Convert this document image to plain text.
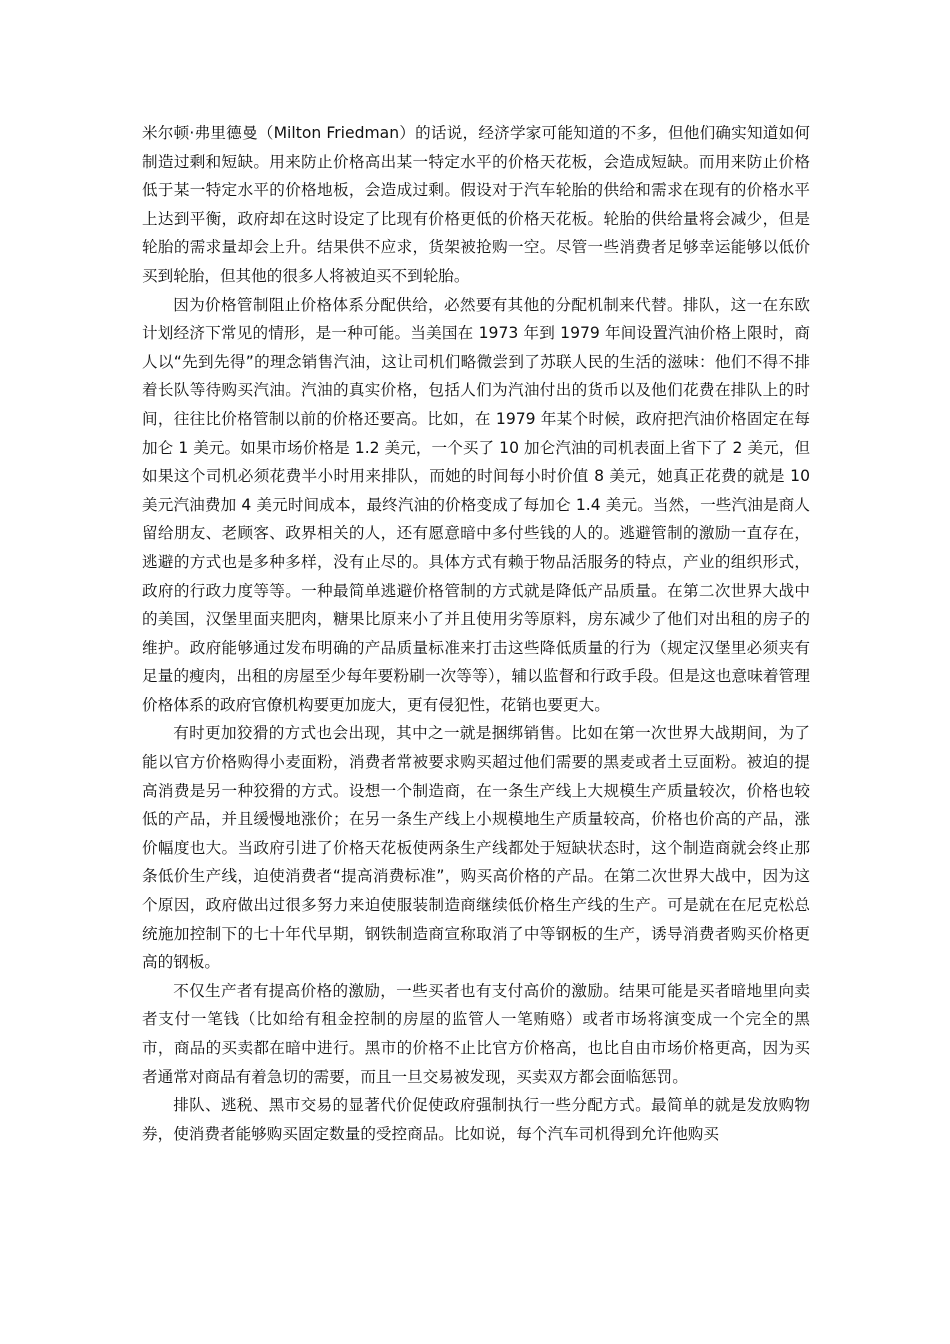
米尔顿·弗里德曼（Milton Friedman）的话说，经济学家可能知道的不多，但他们确实知道如何制造过剩和短缺。用来防止价格高出某一特定水平的价格天花板，会造成短缺。而用来防止价格低于某一特定水平的价格地板，会造成过剩。假设对于汽车轮胎的供给和需求在现有的价格水平上达到平衡，政府却在这时设定了比现有价格更低的价格天花板。轮胎的供给量将会减少，但是轮胎的需求量却会上升。结果供不应求，货架被抢购一空。尽管一些消费者足够幸运能够以低价买到轮胎，但其他的很多人将被迫买不到轮胎。

因为价格管制阻止价格体系分配供给，必然要有其他的分配机制来代替。排队，这一在东欧计划经济下常见的情形，是一种可能。当美国在 1973 年到 1979 年间设置汽油价格上限时，商人以“先到先得”的理念销售汽油，这让司机们略微尝到了苏联人民的生活的滋味：他们不得不排着长队等待购买汽油。汽油的真实价格，包括人们为汽油付出的货币以及他们花费在排队上的时间，往往比价格管制以前的价格还要高。比如，在 1979 年某个时候，政府把汽油价格固定在每加仑 1 美元。如果市场价格是 1.2 美元，一个买了 10 加仑汽油的司机表面上省下了 2 美元，但如果这个司机必须花费半小时用来排队，而她的时间每小时价值 8 美元，她真正花费的就是 10 美元汽油费加 4 美元时间成本，最终汽油的价格变成了每加仑 1.4 美元。当然，一些汽油是商人留给朋友、老顾客、政界相关的人，还有愿意暗中多付些钱的人的。逃避管制的激励一直存在，逃避的方式也是多种多样，没有止尽的。具体方式有赖于物品活服务的特点，产业的组织形式，政府的行政力度等等。一种最简单逃避价格管制的方式就是降低产品质量。在第二次世界大战中的美国，汉堡里面夹肥肉，糖果比原来小了并且使用劣等原料，房东减少了他们对出租的房子的维护。政府能够通过发布明确的产品质量标准来打击这些降低质量的行为（规定汉堡里必须夹有足量的瘦肉，出租的房屋至少每年要粉刷一次等等），辅以监督和行政手段。但是这也意味着管理价格体系的政府官僚机构要更加庞大，更有侵犯性，花销也要更大。

有时更加狡猾的方式也会出现，其中之一就是捆绑销售。比如在第一次世界大战期间，为了能以官方价格购得小麦面粉，消费者常被要求购买超过他们需要的黑麦或者土豆面粉。被迫的提高消费是另一种狡猾的方式。设想一个制造商，在一条生产线上大规模生产质量较次，价格也较低的产品，并且缓慢地涨价；在另一条生产线上小规模地生产质量较高，价格也价高的产品，涨价幅度也大。当政府引进了价格天花板使两条生产线都处于短缺状态时，这个制造商就会终止那条低价生产线，迫使消费者“提高消费标准”，购买高价格的产品。在第二次世界大战中，因为这个原因，政府做出过很多努力来迫使服装制造商继续低价格生产线的生产。可是就在在尼克松总统施加控制下的七十年代早期，钢铁制造商宣称取消了中等钢板的生产，诱导消费者购买价格更高的钢板。

不仅生产者有提高价格的激励，一些买者也有支付高价的激励。结果可能是买者暗地里向卖者支付一笔钱（比如给有租金控制的房屋的监管人一笔贿赂）或者市场将演变成一个完全的黑市，商品的买卖都在暗中进行。黑市的价格不止比官方价格高，也比自由市场价格更高，因为买者通常对商品有着急切的需要，而且一旦交易被发现，买卖双方都会面临惩罚。

排队、逃税、黑市交易的显著代价促使政府强制执行一些分配方式。最简单的就是发放购物券，使消费者能够购买固定数量的受控商品。比如说，每个汽车司机得到允许他购买
